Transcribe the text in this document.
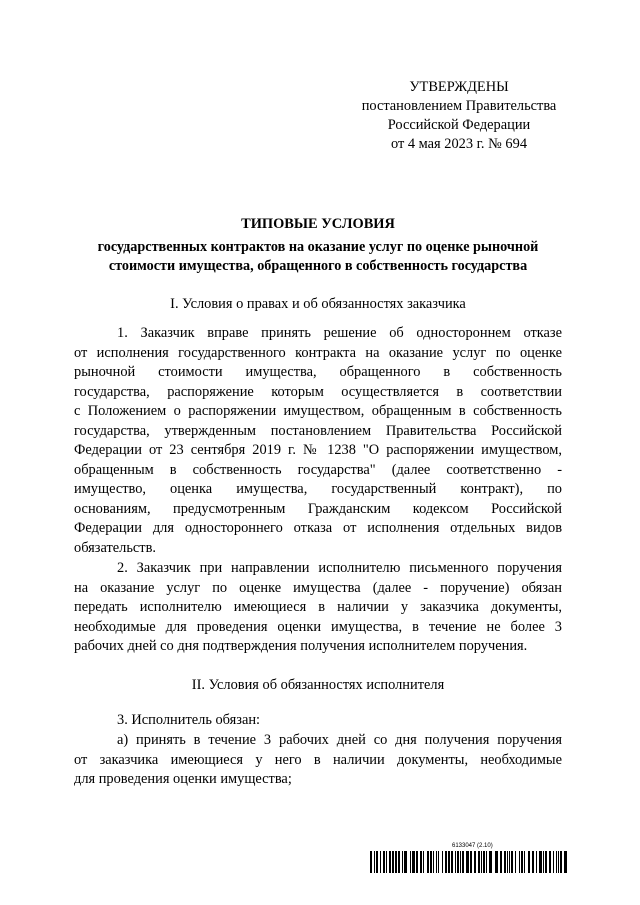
УТВЕРЖДЕНЫ
постановлением Правительства
Российской Федерации
от 4 мая 2023 г. № 694
ТИПОВЫЕ УСЛОВИЯ
государственных контрактов на оказание услуг по оценке рыночной
стоимости имущества, обращенного в собственность государства
I. Условия о правах и об обязанностях заказчика
1. Заказчик вправе принять решение об одностороннем отказе
от исполнения государственного контракта на оказание услуг по оценке
рыночной стоимости имущества, обращенного в собственность
государства, распоряжение которым осуществляется в соответствии
с Положением о распоряжении имуществом, обращенным в собственность
государства, утвержденным постановлением Правительства Российской
Федерации от 23 сентября 2019 г. № 1238 "О распоряжении имуществом,
обращенным в собственность государства" (далее соответственно -
имущество, оценка имущества, государственный контракт), по
основаниям, предусмотренным Гражданским кодексом Российской
Федерации для одностороннего отказа от исполнения отдельных видов
обязательств.
2. Заказчик при направлении исполнителю письменного поручения
на оказание услуг по оценке имущества (далее - поручение) обязан
передать исполнителю имеющиеся в наличии у заказчика документы,
необходимые для проведения оценки имущества, в течение не более 3
рабочих дней со дня подтверждения получения исполнителем поручения.
II. Условия об обязанностях исполнителя
3. Исполнитель обязан:
а) принять в течение 3 рабочих дней со дня получения поручения
от заказчика имеющиеся у него в наличии документы, необходимые
для проведения оценки имущества;
6133047 (2.10)
